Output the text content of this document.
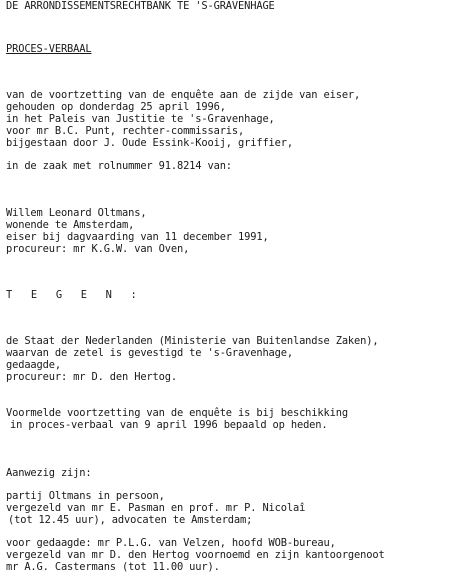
DE ARRONDISSEMENTSRECHTBANK TE 'S-GRAVENHAGE
PROCES-VERBAAL
van de voortzetting van de enquête aan de zijde van eiser,
gehouden op donderdag 25 april 1996,
in het Paleis van Justitie te 's-Gravenhage,
voor mr B.C. Punt, rechter-commissaris,
bijgestaan door J. Oude Essink-Kooij, griffier,
in de zaak met rolnummer 91.8214 van:
Willem Leonard Oltmans,
wonende te Amsterdam,
eiser bij dagvaarding van 11 december 1991,
procureur: mr K.G.W. van Oven,
T E G E N :
de Staat der Nederlanden (Ministerie van Buitenlandse Zaken),
waarvan de zetel is gevestigd te 's-Gravenhage,
gedaagde,
procureur: mr D. den Hertog.
Voormelde voortzetting van de enquête is bij beschikking
in proces-verbaal van 9 april 1996 bepaald op heden.
Aanwezig zijn:
partij Oltmans in persoon,
vergezeld van mr E. Pasman en prof. mr P. Nicolaî
(tot 12.45 uur), advocaten te Amsterdam;
voor gedaagde: mr P.L.G. van Velzen, hoofd WOB-bureau,
vergezeld van mr D. den Hertog voornoemd en zijn kantoorgenoot
mr A.G. Castermans (tot 11.00 uur).
